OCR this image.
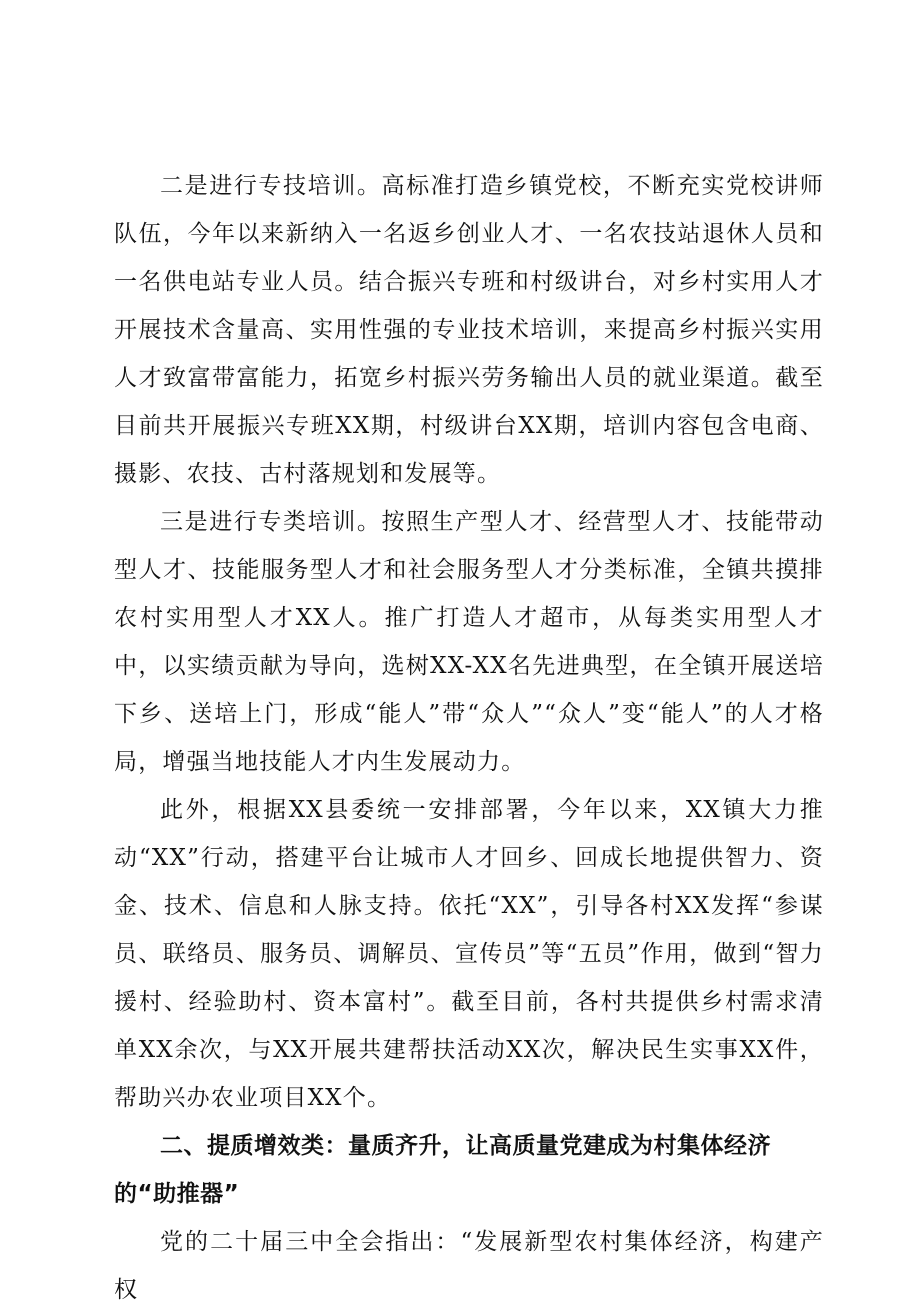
二是进行专技培训。高标准打造乡镇党校，不断充实党校讲师队伍，今年以来新纳入一名返乡创业人才、一名农技站退休人员和一名供电站专业人员。结合振兴专班和村级讲台，对乡村实用人才开展技术含量高、实用性强的专业技术培训，来提高乡村振兴实用人才致富带富能力，拓宽乡村振兴劳务输出人员的就业渠道。截至目前共开展振兴专班XX期，村级讲台XX期，培训内容包含电商、摄影、农技、古村落规划和发展等。

三是进行专类培训。按照生产型人才、经营型人才、技能带动型人才、技能服务型人才和社会服务型人才分类标准，全镇共摸排农村实用型人才XX人。推广打造人才超市，从每类实用型人才中，以实绩贡献为导向，选树XX-XX名先进典型，在全镇开展送培下乡、送培上门，形成“能人”带“众人”“众人”变“能人”的人才格局，增强当地技能人才内生发展动力。

此外，根据XX县委统一安排部署，今年以来，XX镇大力推动“XX”行动，搭建平台让城市人才回乡、回成长地提供智力、资金、技术、信息和人脉支持。依托“XX”，引导各村XX发挥“参谋员、联络员、服务员、调解员、宣传员”等“五员”作用，做到“智力援村、经验助村、资本富村”。截至目前，各村共提供乡村需求清单XX余次，与XX开展共建帮扶活动XX次，解决民生实事XX件，帮助兴办农业项目XX个。

二、提质增效类：量质齐升，让高质量党建成为村集体经济的“助推器”

党的二十届三中全会指出：“发展新型农村集体经济，构建产权
